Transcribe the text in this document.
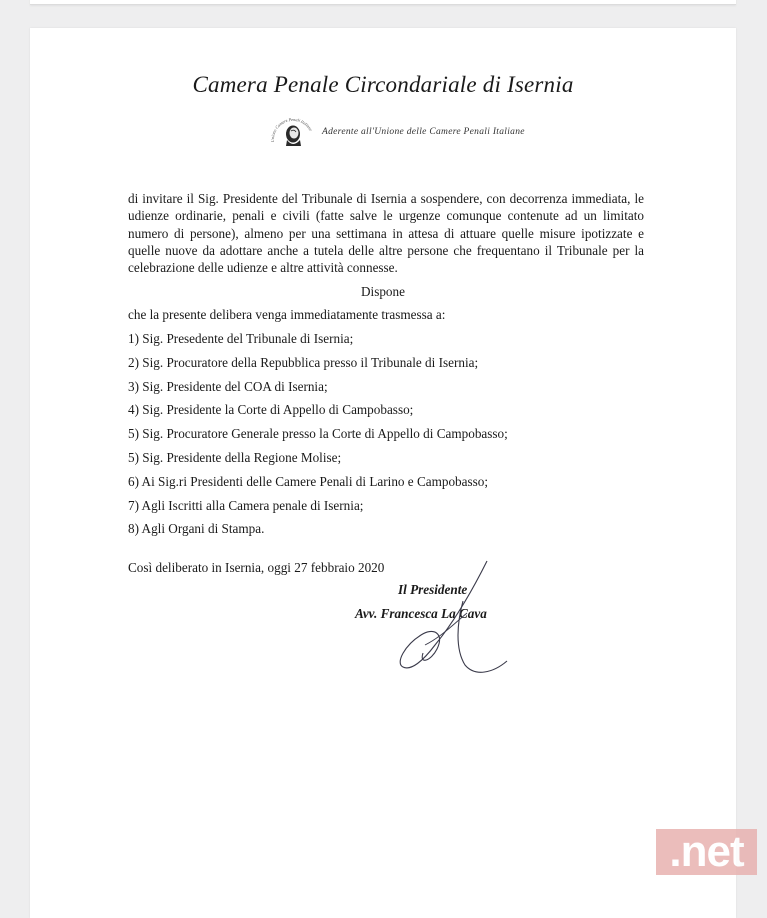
Camera Penale Circondariale di Isernia
Unione Camere Penali Italiane Aderente all'Unione delle Camere Penali Italiane
di invitare il Sig. Presidente del Tribunale di Isernia a sospendere, con decorrenza immediata, le udienze ordinarie, penali e civili (fatte salve le urgenze comunque contenute ad un limitato numero di persone), almeno per una settimana in attesa di attuare quelle misure ipotizzate e quelle nuove da adottare anche a tutela delle altre persone che frequentano il Tribunale per la celebrazione delle udienze e altre attività connesse.
Dispone
che la presente delibera venga immediatamente trasmessa a:
1) Sig. Presedente del Tribunale di Isernia;
2) Sig. Procuratore della Repubblica presso il Tribunale di Isernia;
3) Sig. Presidente del COA di Isernia;
4) Sig. Presidente la Corte di Appello di Campobasso;
5) Sig. Procuratore Generale presso la Corte di Appello di Campobasso;
5) Sig. Presidente della Regione Molise;
6) Ai Sig.ri Presidenti delle Camere Penali di Larino e Campobasso;
7) Agli Iscritti alla Camera penale di Isernia;
8) Agli Organi di Stampa.
Così deliberato in Isernia, oggi 27 febbraio 2020
Il Presidente
Avv. Francesca La Cava
.net
